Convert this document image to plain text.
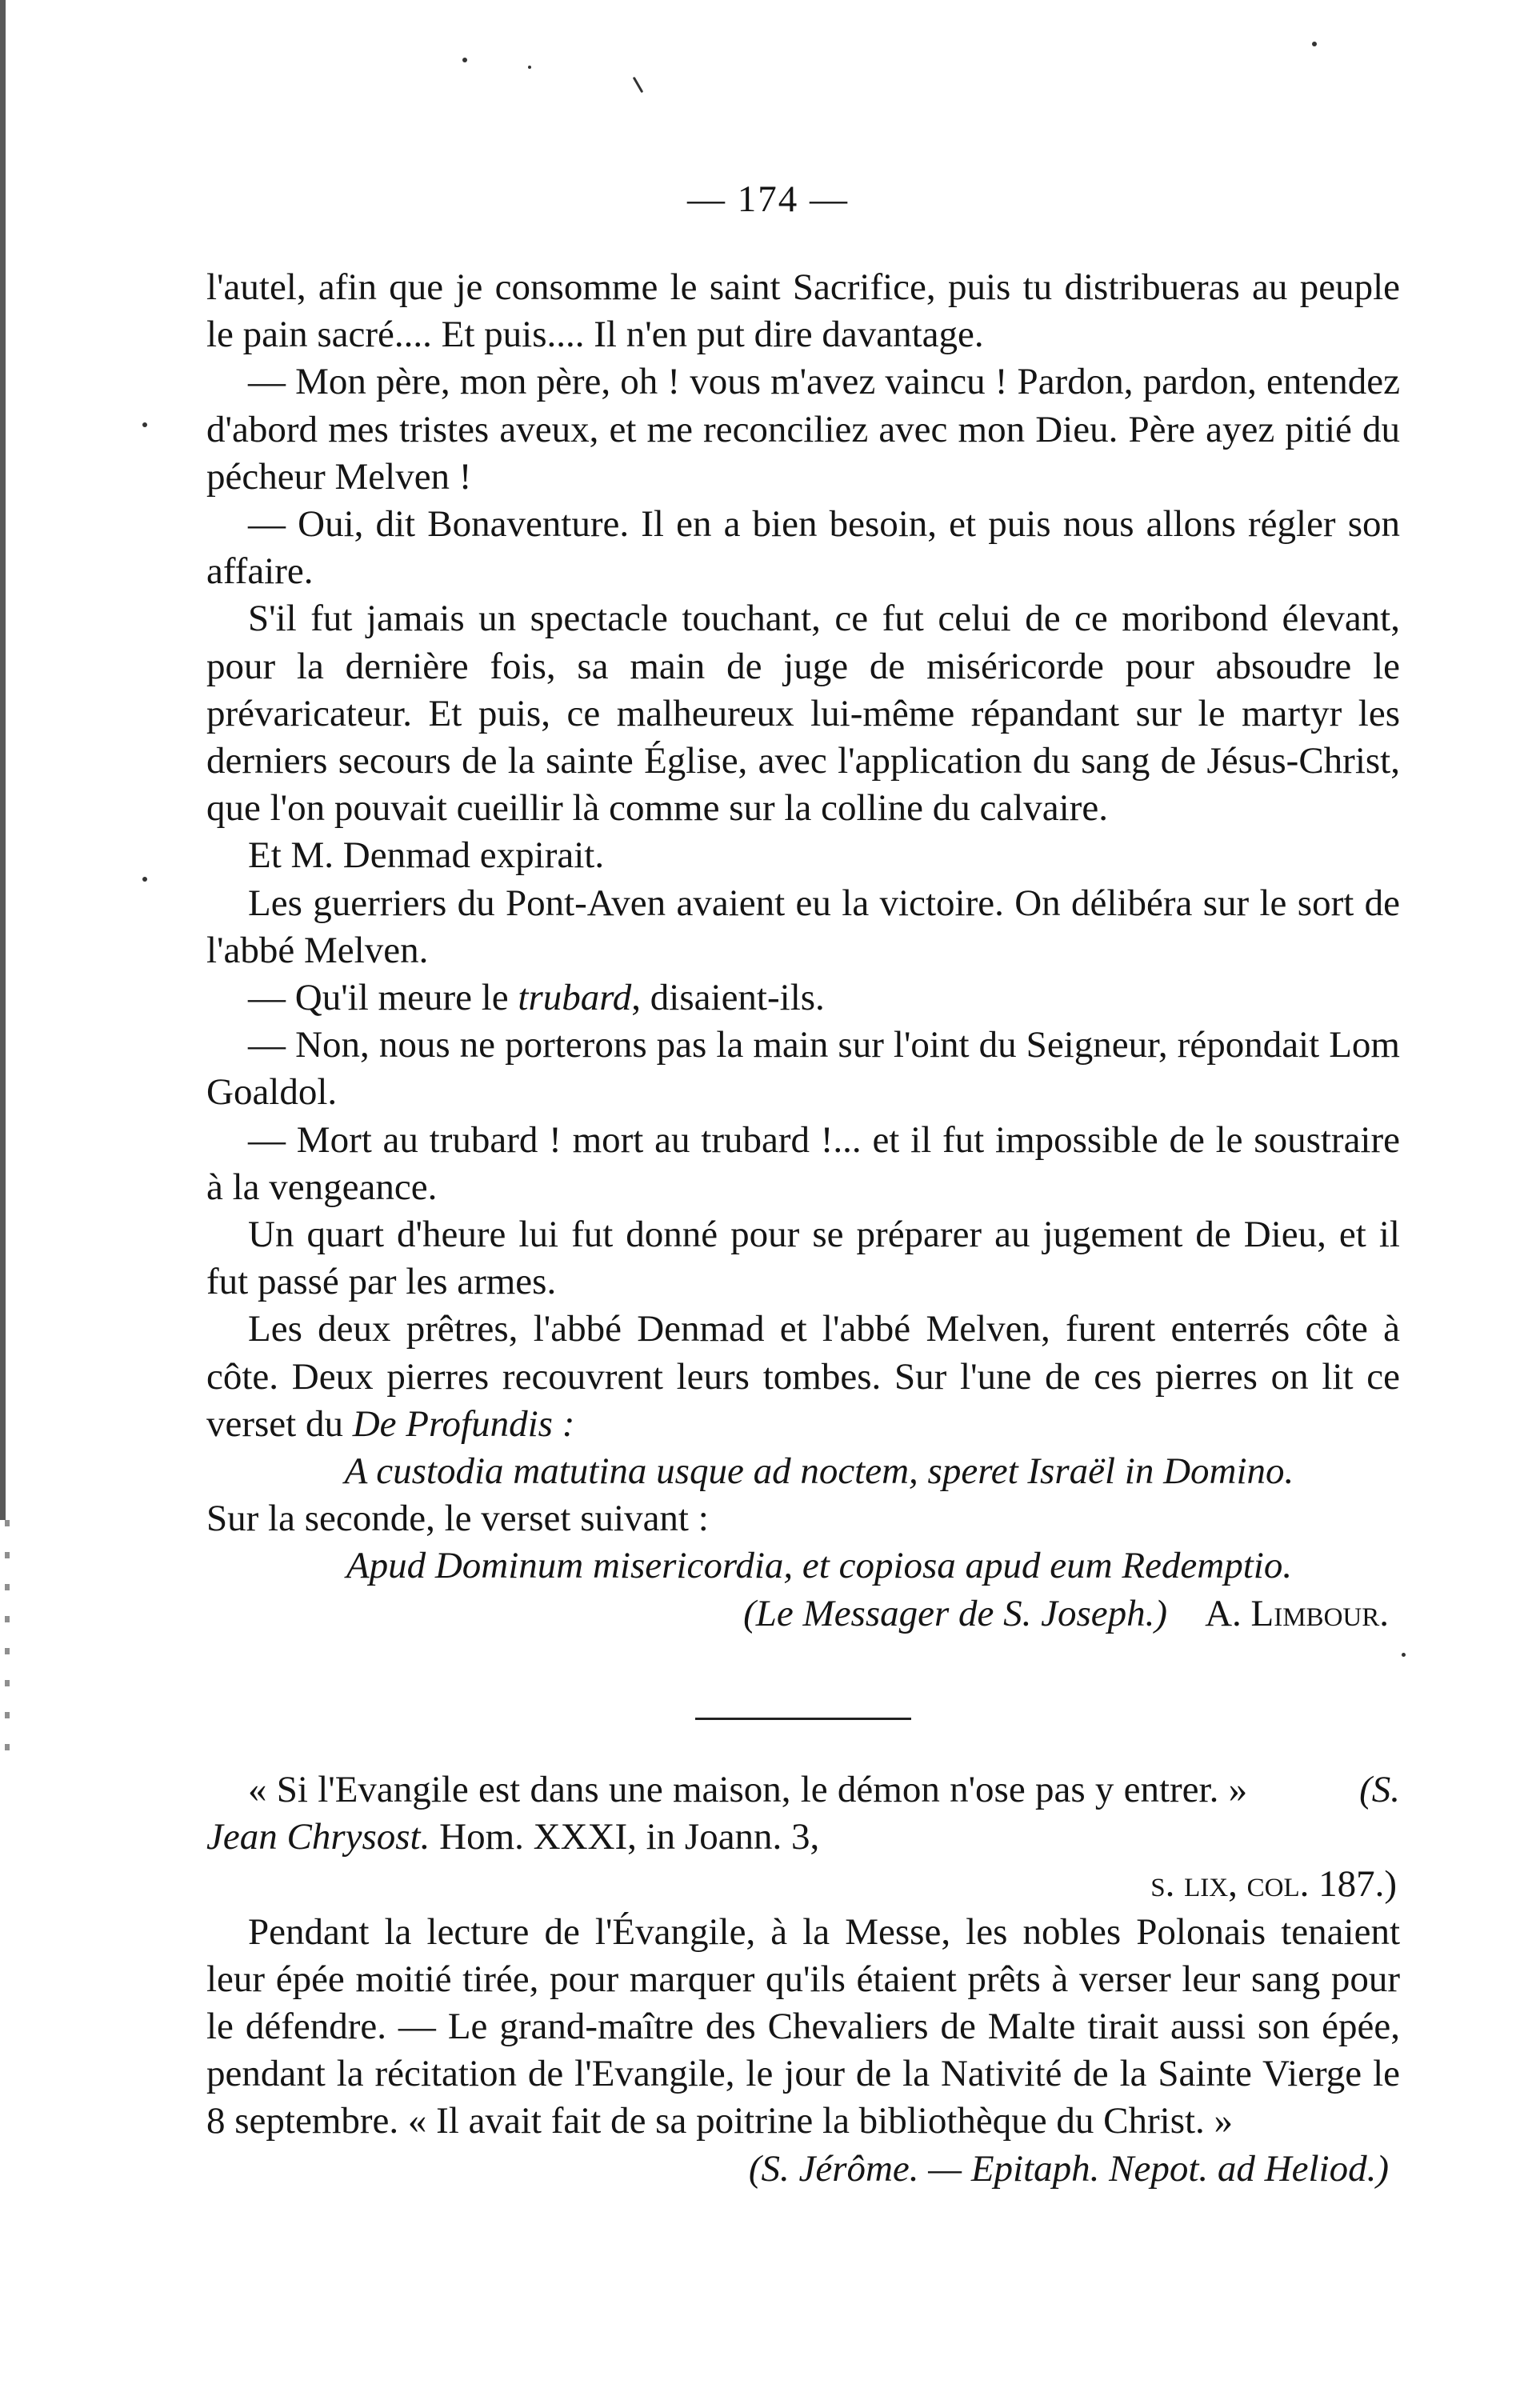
— 174 —

l'autel, afin que je consomme le saint Sacrifice, puis tu distribueras au peuple le pain sacré.... Et puis.... Il n'en put dire davantage.

— Mon père, mon père, oh ! vous m'avez vaincu ! Pardon, pardon, entendez d'abord mes tristes aveux, et me reconciliez avec mon Dieu. Père ayez pitié du pécheur Melven !

— Oui, dit Bonaventure. Il en a bien besoin, et puis nous allons régler son affaire.

S'il fut jamais un spectacle touchant, ce fut celui de ce moribond élevant, pour la dernière fois, sa main de juge de miséricorde pour absoudre le prévaricateur. Et puis, ce malheureux lui-même répandant sur le martyr les derniers secours de la sainte Église, avec l'application du sang de Jésus-Christ, que l'on pouvait cueillir là comme sur la colline du calvaire.

Et M. Denmad expirait.

Les guerriers du Pont-Aven avaient eu la victoire. On délibéra sur le sort de l'abbé Melven.

— Qu'il meure le trubard, disaient-ils.

— Non, nous ne porterons pas la main sur l'oint du Seigneur, répondait Lom Goaldol.

— Mort au trubard ! mort au trubard !... et il fut impossible de le soustraire à la vengeance.

Un quart d'heure lui fut donné pour se préparer au jugement de Dieu, et il fut passé par les armes.

Les deux prêtres, l'abbé Denmad et l'abbé Melven, furent enterrés côte à côte. Deux pierres recouvrent leurs tombes. Sur l'une de ces pierres on lit ce verset du De Profundis :

A custodia matutina usque ad noctem, speret Israël in Domino.

Sur la seconde, le verset suivant :

Apud Dominum misericordia, et copiosa apud eum Redemptio.

(Le Messager de S. Joseph.) A. Limbour.

« Si l'Evangile est dans une maison, le démon n'ose pas y entrer. »	(S. Jean Chrysost. Hom. XXXI, in Joann. 3,

s. lix, col. 187.)

Pendant la lecture de l'Évangile, à la Messe, les nobles Polonais tenaient leur épée moitié tirée, pour marquer qu'ils étaient prêts à verser leur sang pour le défendre. — Le grand-maître des Chevaliers de Malte tirait aussi son épée, pendant la récitation de l'Evangile, le jour de la Nativité de la Sainte Vierge le 8 septembre. « Il avait fait de sa poitrine la bibliothèque du Christ. »

(S. Jérôme. — Epitaph. Nepot. ad Heliod.)
